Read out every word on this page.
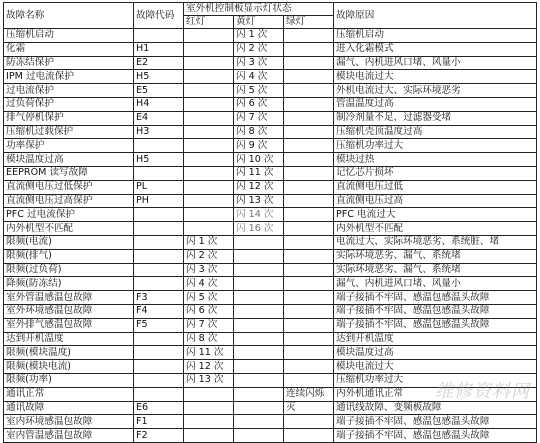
故障名称	故障代码	室外机控制板显示灯状态			故障原因
		红灯	黄灯	绿灯	
压缩机启动			闪 1 次		压缩机启动
化霜	H1		闪 2 次		进入化霜模式
防冻结保护	E2		闪 3 次		漏气、内机进风口堵、风量小
IPM 过电流保护	H5		闪 4 次		模块电流过大
过电流保护	E5		闪 5 次		外机电流过大、实际环境恶劣
过负荷保护	H4		闪 6 次		管温温度过高
排气停机保护	E4		闪 7 次		制冷剂量不足、过滤器受堵
压缩机过载保护	H3		闪 8 次		压缩机壳顶温度过高
功率保护			闪 9 次		压缩机功率过大
模块温度过高	H5		闪 10 次		模块过热
EEPROM 读写故障			闪 11 次		记忆芯片损坏
直流侧电压过低保护	PL		闪 12 次		直流侧电压过低
直流侧电压过高保护	PH		闪 13 次		直流侧电压过高
PFC 过电流保护			闪 14 次		PFC 电流过大
内外机型不匹配			闪 16 次		内外机型不匹配
限频(电流)		闪 1 次			电流过大、实际环境恶劣、系统脏、堵
限频(排气)		闪 2 次			实际环境恶劣、漏气、系统堵
限频(过负荷)		闪 3 次			实际环境恶劣、漏气、系统堵
降频(防冻结)		闪 4 次			漏气、内机进风口堵、风量小
室外管温感温包故障	F3	闪 5 次			端子接插不牢固、感温包感温头故障
室外环境感温包故障	F4	闪 6 次			端子接插不牢固、感温包感温头故障
室外排气感温包故障	F5	闪 7 次			端子接插不牢固、感温包感温头故障
达到开机温度		闪 8 次			达到开机温度
限频(模块温度)		闪 11 次			模块温度过高
限频(模块电流)		闪 12 次			模块电流过大
限频(功率)		闪 13 次			压缩机功率过大
通讯正常				连续闪烁	内外机通讯正常
通讯故障	E6			灭	通讯线故障、变频板故障
室内环境感温包故障	F1				端子接插不牢固、感温包感温头故障
室内管温感温包故障	F2				端子接插不牢固、感温包感温头故障
维修资料网
